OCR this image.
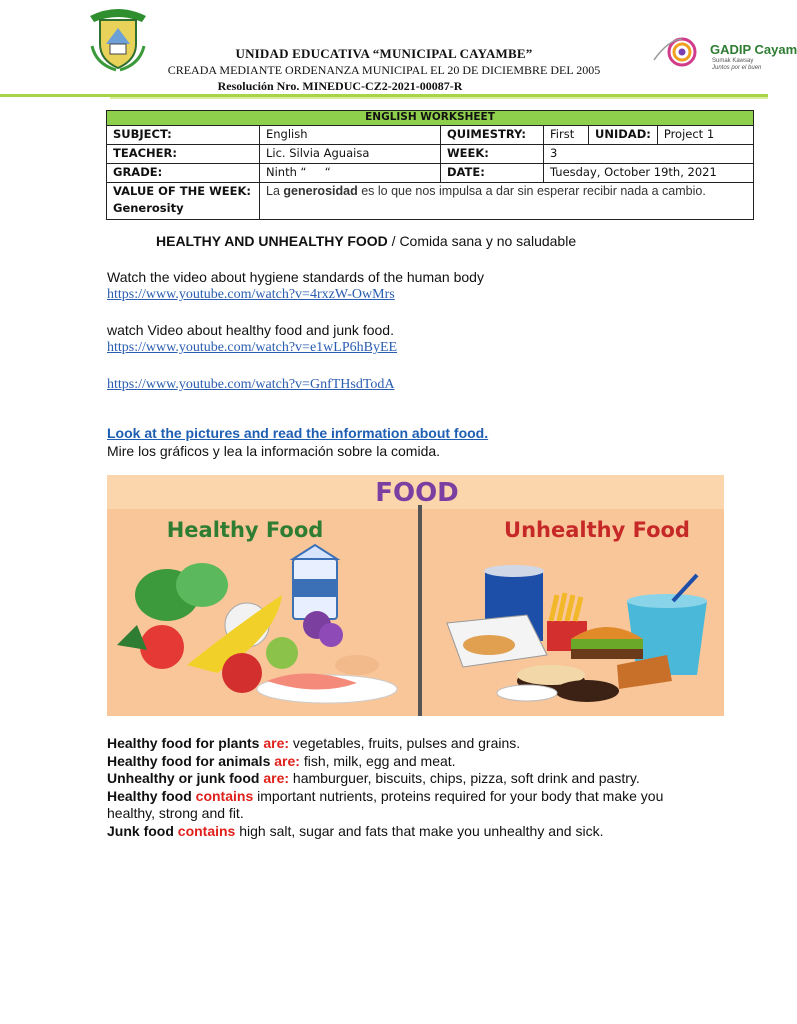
UNIDAD EDUCATIVA “MUNICIPAL CAYAMBE”
CREADA MEDIANTE ORDENANZA MUNICIPAL EL 20 DE DICIEMBRE DEL 2005
Resolución Nro. MINEDUC-CZ2-2021-00087-R
GADIP Cayam
Sumak Kawsay
Juntos por el buen
ENGLISH WORKSHEET					
SUBJECT:	English	QUIMESTRY:	First	UNIDAD:	Project 1
TEACHER:	Lic. Silvia Aguaisa	WEEK:	3		
GRADE:	Ninth “     “	DATE:	Tuesday, October 19th, 2021		

VALUE OF THE WEEK:
Generosity	La generosidad es lo que nos impulsa a dar sin esperar recibir nada a cambio.				
HEALTHY AND UNHEALTHY FOOD / Comida sana y no saludable
Watch the video about hygiene standards of the human body
https://www.youtube.com/watch?v=4rxzW-OwMrs
watch Video about healthy food and junk food.
https://www.youtube.com/watch?v=e1wLP6hByEE
https://www.youtube.com/watch?v=GnfTHsdTodA
Look at the pictures and read the information about food.
Mire los gráficos y lea la información sobre la comida.
FOOD
Healthy Food	Unhealthy Food
Healthy food for plants are: vegetables, fruits, pulses and grains.
Healthy food for animals are: fish, milk, egg and meat.
Unhealthy or junk food are: hamburguer, biscuits, chips, pizza, soft drink and pastry.
Healthy food contains important nutrients, proteins required for your body that make you healthy, strong and fit.
Junk food contains high salt, sugar and fats that make you unhealthy and sick.
